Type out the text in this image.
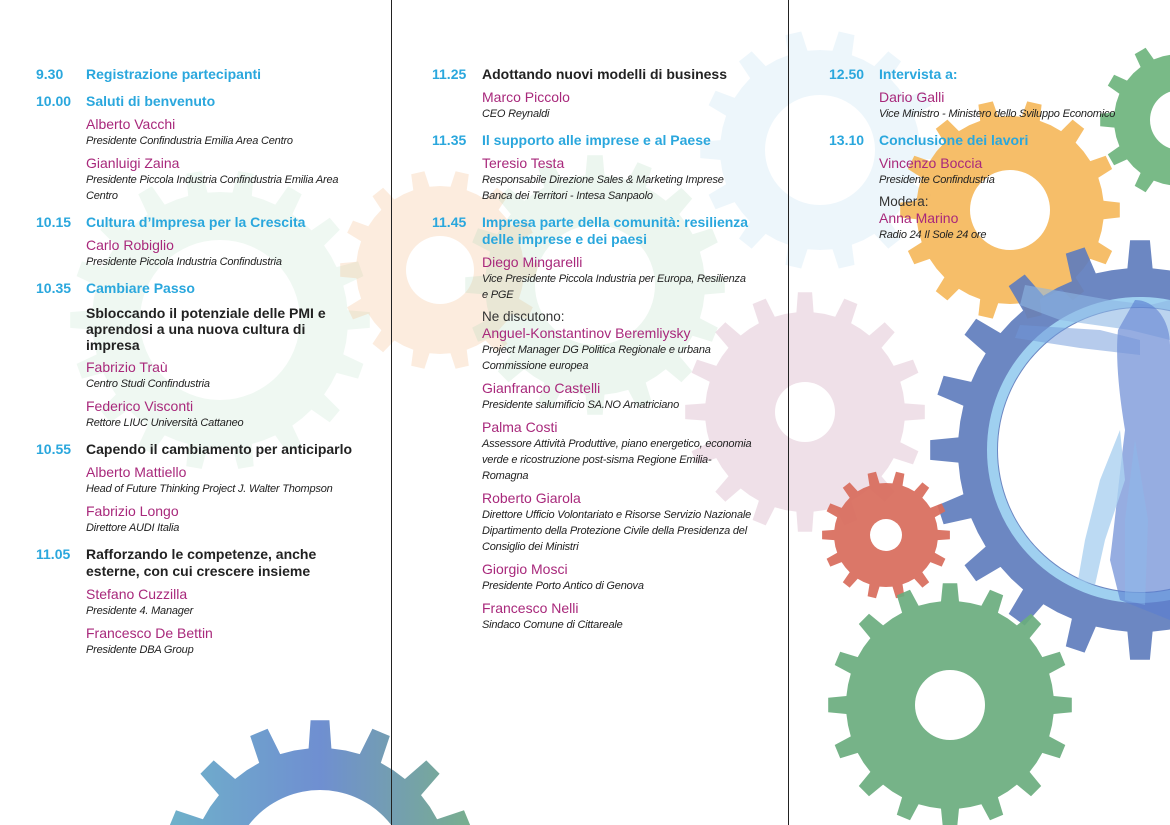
9.30 Registrazione partecipanti
10.00 Saluti di benvenuto
Alberto Vacchi
Presidente Confindustria Emilia Area Centro
Gianluigi Zaina
Presidente Piccola Industria Confindustria Emilia Area Centro
10.15 Cultura d’Impresa per la Crescita
Carlo Robiglio
Presidente Piccola Industria Confindustria
10.35 Cambiare Passo
Sbloccando il potenziale delle PMI e aprendosi a una nuova cultura di impresa
Fabrizio Traù
Centro Studi Confindustria
Federico Visconti
Rettore LIUC Università Cattaneo
10.55 Capendo il cambiamento per anticiparlo
Alberto Mattiello
Head of Future Thinking Project J. Walter Thompson
Fabrizio Longo
Direttore AUDI Italia
11.05 Rafforzando le competenze, anche esterne, con cui crescere insieme
Stefano Cuzzilla
Presidente 4. Manager
Francesco De Bettin
Presidente DBA Group
11.25 Adottando nuovi modelli di business
Marco Piccolo
CEO Reynaldi
11.35 Il supporto alle imprese e al Paese
Teresio Testa
Responsabile Direzione Sales & Marketing Imprese Banca dei Territori - Intesa Sanpaolo
11.45 Impresa parte della comunità: resilienza delle imprese e dei paesi
Diego Mingarelli
Vice Presidente Piccola Industria per Europa, Resilienza e PGE
Ne discutono:
Anguel-Konstantinov Beremliysky
Project Manager DG Politica Regionale e urbana Commissione europea
Gianfranco Castelli
Presidente salumificio SA.NO Amatriciano
Palma Costi
Assessore Attività Produttive, piano energetico, economia verde e ricostruzione post-sisma Regione Emilia-Romagna
Roberto Giarola
Direttore Ufficio Volontariato e Risorse Servizio Nazionale Dipartimento della Protezione Civile della Presidenza del Consiglio dei Ministri
Giorgio Mosci
Presidente Porto Antico di Genova
Francesco Nelli
Sindaco Comune di Cittareale
12.50 Intervista a:
Dario Galli
Vice Ministro - Ministero dello Sviluppo Economico
13.10 Conclusione dei lavori
Vincenzo Boccia
Presidente Confindustria
Modera:
Anna Marino
Radio 24 Il Sole 24 ore
